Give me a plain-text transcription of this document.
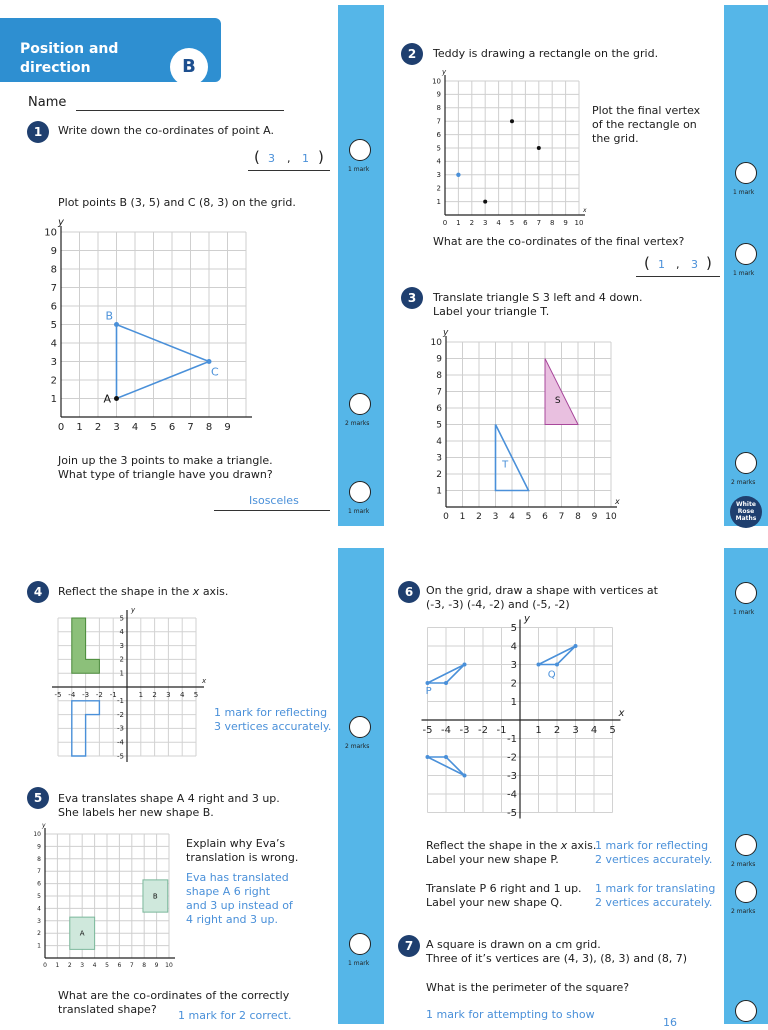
Position and direction	B
Name
1	Write down the co-ordinates of point A.
( 3 , 1 )
1 mark
Plot points B (3, 5) and C (8, 3) on the grid.
0 1
1
2
2
3
3
4
4
5
5
6
6
7
7
8
8
9
9
10
y
A
B
C
2 marks
Join up the 3 points to make a triangle.
What type of triangle have you drawn?
Isosceles
1 mark
2	Teddy is drawing a rectangle on the grid.
0 1
1
2
2
3
3
4
4
5
5
6
6
7
7
8
8
9
9
10
10
y
x
Plot the final vertex of the rectangle on the grid.
1 mark
What are the co-ordinates of the final vertex?
( 1 , 3 )
1 mark
3	Translate triangle S 3 left and 4 down.
Label your triangle T.
0 1
1
2
2
3
3
4
4
5
5
6
6
7
7
8
8
9
9
10
10
y
x
S
T
2 marks
White
Rose
Maths
4	Reflect the shape in the x axis.
-5
-5
-4
-4
-3
-3
-2
-2
-1
-1
1
1
2
2
3
3
4
4
5
5
y
x
1 mark for reflecting
3 vertices accurately.
2 marks
5	Eva translates shape A 4 right and 3 up.
She labels her new shape B.
0 1
1
2
2
3
3
4
4
5
5
6
6
7
7
8
8
9
9
10
10
y
A
B
Explain why Eva’s
translation is wrong.
Eva has translated
shape A 6 right
and 3 up instead of
4 right and 3 up.
1 mark
What are the co-ordinates of the correctly
translated shape? 1 mark for 2 correct.
6	On the grid, draw a shape with vertices at
(-3, -3) (-4, -2) and (-5, -2)
1 mark
-5
-5
-4
-4
-3
-3
-2
-2
-1
-1
1
1
2
2
3
3
4
4
5
5
y
x
P
Q
Reflect the shape in the x axis.
Label your new shape P.
1 mark for reflecting
2 vertices accurately.	2 marks
Translate P 6 right and 1 up.
Label your new shape Q.
1 mark for translating
2 vertices accurately.
2 marks
7	A square is drawn on a cm grid.
Three of it’s vertices are (4, 3), (8, 3) and (8, 7)
What is the perimeter of the square?
1 mark for attempting to show
16
